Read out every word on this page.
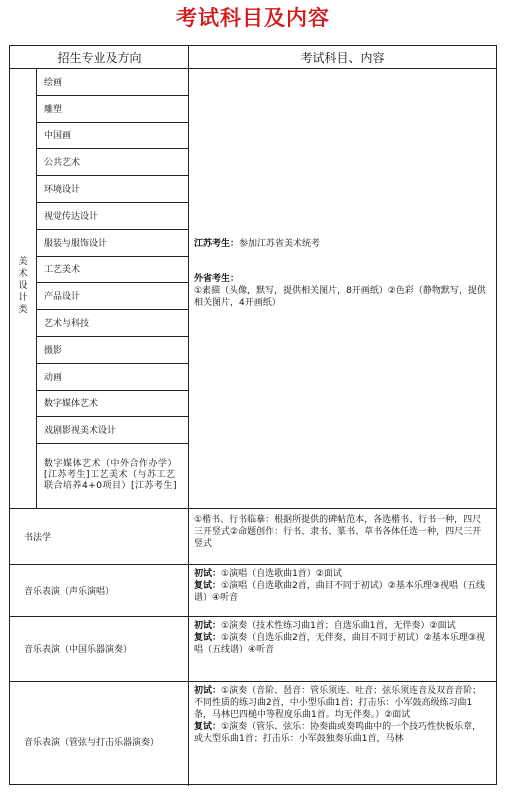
考试科目及内容
招生专业及方向	考试科目、内容
美术设计类
绘画
雕塑
中国画
公共艺术
环境设计
视觉传达设计
服装与服饰设计
工艺美术
产品设计
艺术与科技
摄影
动画
数字媒体艺术
戏剧影视美术设计
数字媒体艺术（中外合作办学）[江苏考生]工艺美术（与苏工艺联合培养4+0项目）[江苏考生]
江苏考生：参加江苏省美术统考
外省考生：
①素描（头像，默写，提供相关图片，8开画纸）②色彩（静物默写，提供相关图片，4开画纸）
书法学
①楷书、行书临摹：根据所提供的碑帖范本，各选楷书、行书一种，四尺三开竖式②命题创作：行书、隶书、篆书、草书各体任选一种，四尺三开竖式
音乐表演（声乐演唱）
初试：①演唱（自选歌曲1首）②面试
复试：①演唱（自选歌曲2首，曲目不同于初试）②基本乐理③视唱（五线谱）④听音
音乐表演（中国乐器演奏）
初试：①演奏（技术性练习曲1首；自选乐曲1首，无伴奏）②面试
复试：①演奏（自选乐曲2首，无伴奏，曲目不同于初试）②基本乐理③视唱（五线谱）④听音
音乐表演（管弦与打击乐器演奏）
初试：①演奏（音阶、琶音：管乐须连、吐音；弦乐须连音及双音音阶；不同性质的练习曲2首，中小型乐曲1首；打击乐：小军鼓高级练习曲1条，马林巴四槌中等程度乐曲1首。均无伴奏。）②面试
复试：①演奏（管乐、弦乐：协奏曲或奏鸣曲中的一个技巧性快板乐章，或大型乐曲1首；打击乐：小军鼓独奏乐曲1首，马林
